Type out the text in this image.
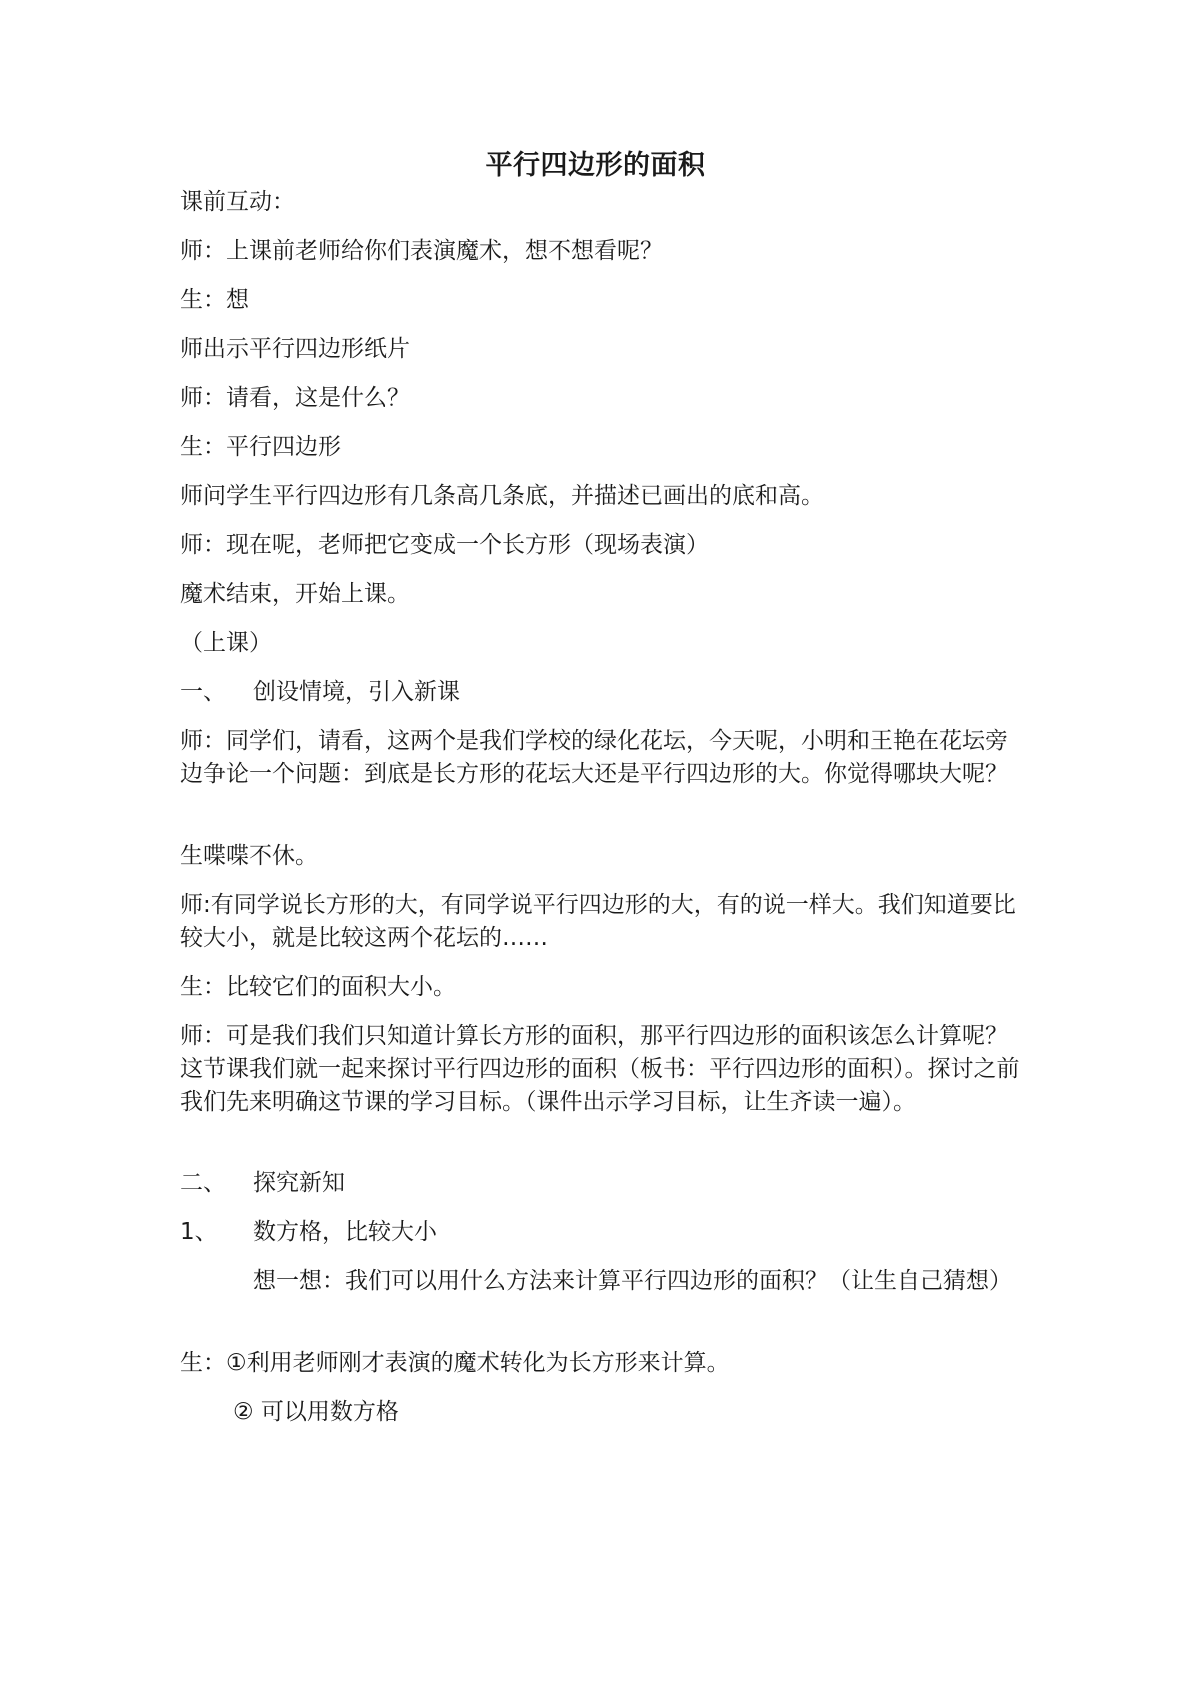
平行四边形的面积

课前互动：

师：上课前老师给你们表演魔术，想不想看呢？

生：想

师出示平行四边形纸片

师：请看，这是什么？

生：平行四边形

师问学生平行四边形有几条高几条底，并描述已画出的底和高。

师：现在呢，老师把它变成一个长方形（现场表演）

魔术结束，开始上课。

（上课）

一、 创设情境，引入新课

师：同学们，请看，这两个是我们学校的绿化花坛，今天呢，小明和王艳在花坛旁边争论一个问题：到底是长方形的花坛大还是平行四边形的大。你觉得哪块大呢？

生喋喋不休。

师:有同学说长方形的大，有同学说平行四边形的大，有的说一样大。我们知道要比较大小，就是比较这两个花坛的……

生：比较它们的面积大小。

师：可是我们我们只知道计算长方形的面积，那平行四边形的面积该怎么计算呢？这节课我们就一起来探讨平行四边形的面积（板书：平行四边形的面积）。探讨之前我们先来明确这节课的学习目标。（课件出示学习目标，让生齐读一遍）。

二、 探究新知
1、 数方格，比较大小

想一想：我们可以用什么方法来计算平行四边形的面积？（让生自己猜想）

生：①利用老师刚才表演的魔术转化为长方形来计算。

② 可以用数方格
